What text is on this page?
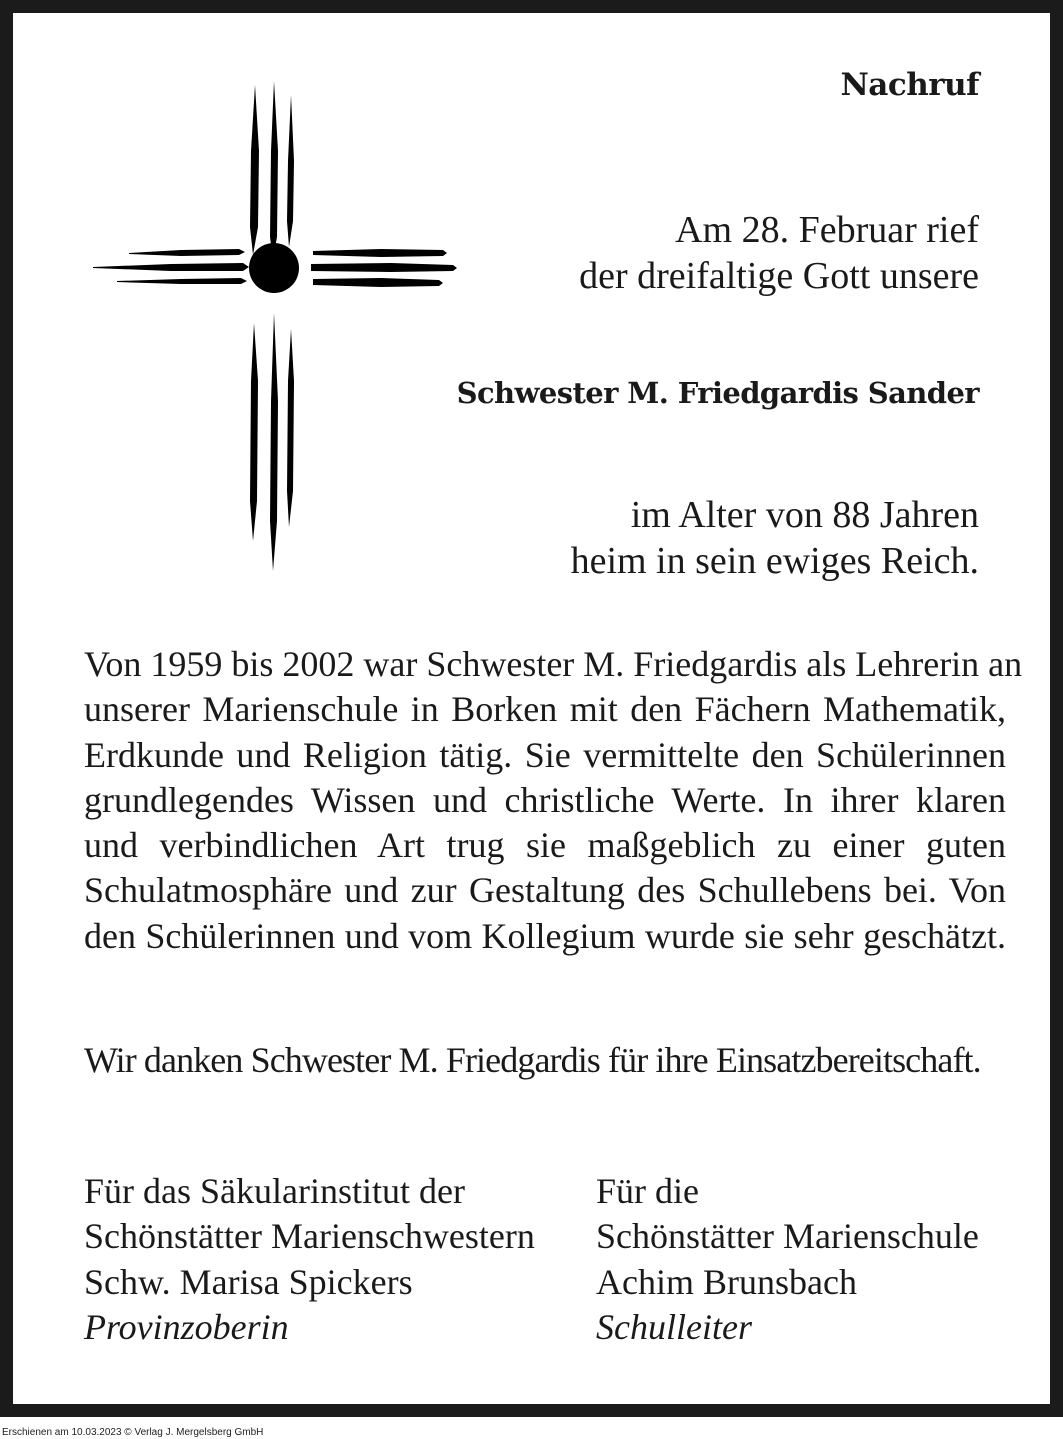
Nachruf
Am 28. Februar rief
der dreifaltige Gott unsere
Schwester M. Friedgardis Sander
im Alter von 88 Jahren
heim in sein ewiges Reich.
Von 1959 bis 2002 war Schwester M. Friedgardis als Lehrerin an
unserer Marienschule in Borken mit den Fächern Mathematik,
Erdkunde und Religion tätig. Sie vermittelte den Schülerinnen
grundlegendes Wissen und christliche Werte. In ihrer klaren
und verbindlichen Art trug sie maßgeblich zu einer guten
Schulatmosphäre und zur Gestaltung des Schullebens bei. Von
den Schülerinnen und vom Kollegium wurde sie sehr geschätzt.
Wir danken Schwester M. Friedgardis für ihre Einsatzbereitschaft.
Für das Säkularinstitut der
Schönstätter Marienschwestern
Schw. Marisa Spickers
Provinzoberin
Für die
Schönstätter Marienschule
Achim Brunsbach
Schulleiter
Erschienen am 10.03.2023 © Verlag J. Mergelsberg GmbH
